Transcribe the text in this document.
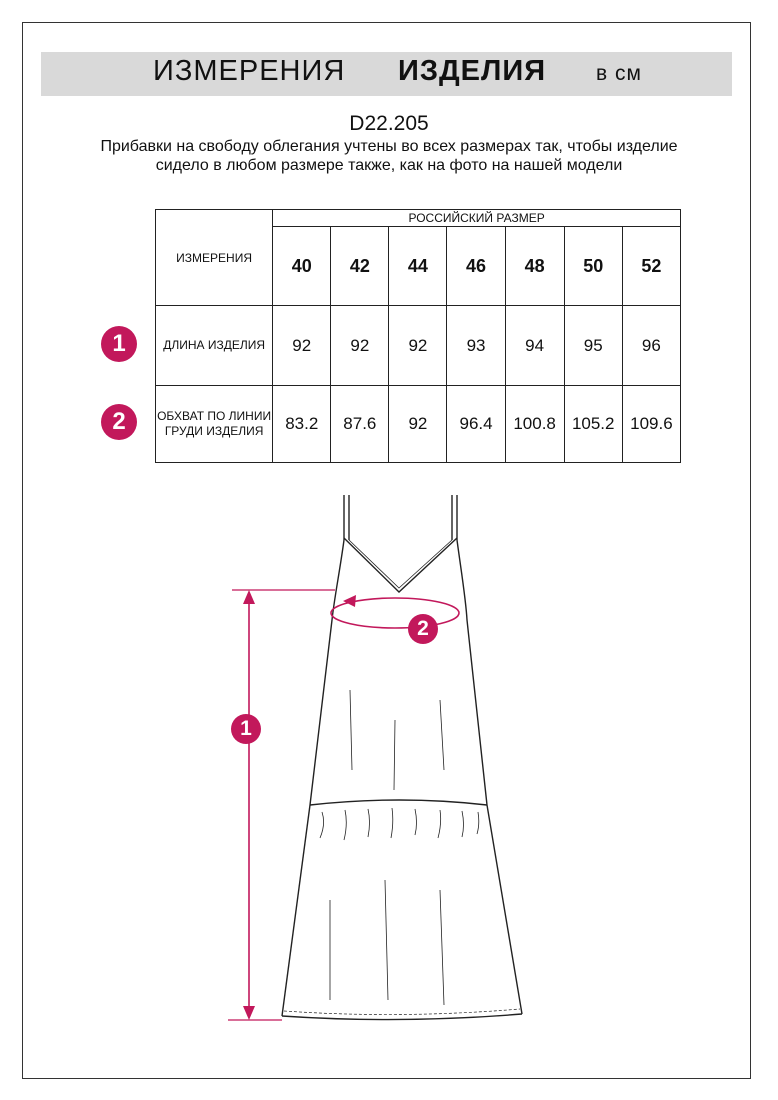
ИЗМЕРЕНИЯ ИЗДЕЛИЯ в см
D22.205
Прибавки на свободу облегания учтены во всех размерах так, чтобы изделие сидело в любом размере также, как на фото на нашей модели
ИЗМЕРЕНИЯ	РОССИЙСКИЙ РАЗМЕР						
	40	42	44	46	48	50	52
ДЛИНА ИЗДЕЛИЯ	92	92	92	93	94	95	96
ОБХВАТ ПО ЛИНИИ ГРУДИ ИЗДЕЛИЯ	83.2	87.6	92	96.4	100.8	105.2	109.6
1
2
1
2
